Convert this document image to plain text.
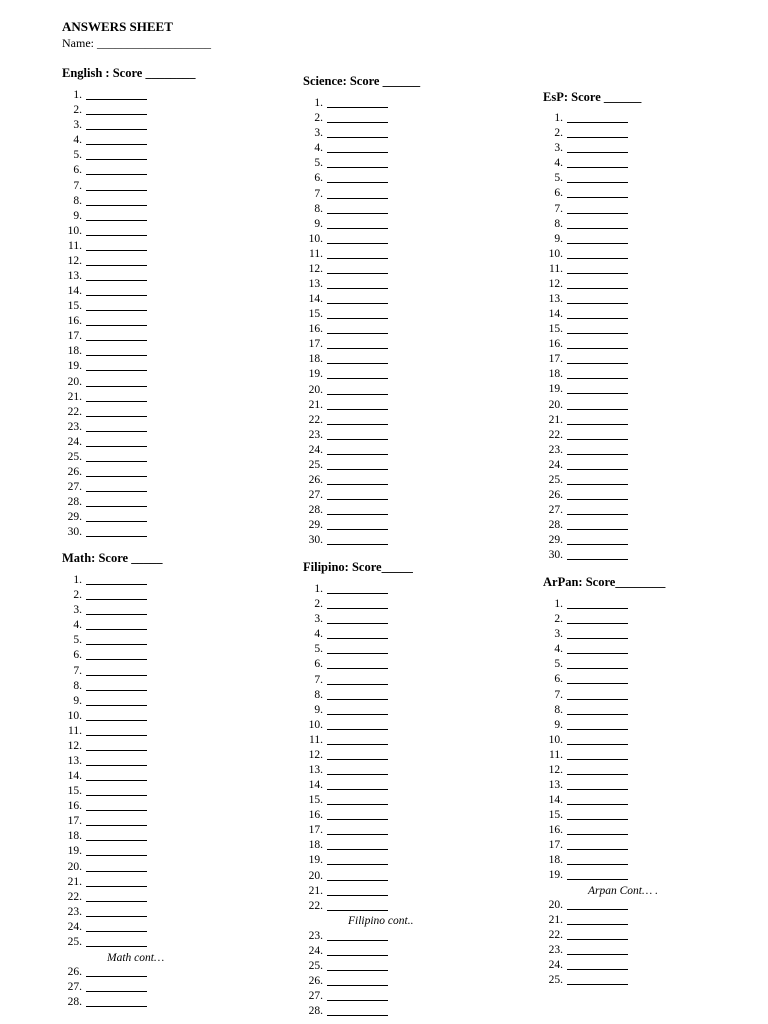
ANSWERS SHEET
Name: ___________________
English : Score ________
Math: Score _____
Math cont…
Science: Score ______
Filipino: Score_____
Filipino cont..
EsP: Score ______
ArPan: Score________
Arpan Cont… .
1.
2.
3.
4.
5.
6.
7.
8.
9.
10.
11.
12.
13.
14.
15.
16.
17.
18.
19.
20.
21.
22.
23.
24.
25.
26.
27.
28.
29.
30.
1.
2.
3.
4.
5.
6.
7.
8.
9.
10.
11.
12.
13.
14.
15.
16.
17.
18.
19.
20.
21.
22.
23.
24.
25.
26.
27.
28.
1.
2.
3.
4.
5.
6.
7.
8.
9.
10.
11.
12.
13.
14.
15.
16.
17.
18.
19.
20.
21.
22.
23.
24.
25.
26.
27.
28.
29.
30.
1.
2.
3.
4.
5.
6.
7.
8.
9.
10.
11.
12.
13.
14.
15.
16.
17.
18.
19.
20.
21.
22.
23.
24.
25.
26.
27.
28.
1.
2.
3.
4.
5.
6.
7.
8.
9.
10.
11.
12.
13.
14.
15.
16.
17.
18.
19.
20.
21.
22.
23.
24.
25.
26.
27.
28.
29.
30.
1.
2.
3.
4.
5.
6.
7.
8.
9.
10.
11.
12.
13.
14.
15.
16.
17.
18.
19.
20.
21.
22.
23.
24.
25.
